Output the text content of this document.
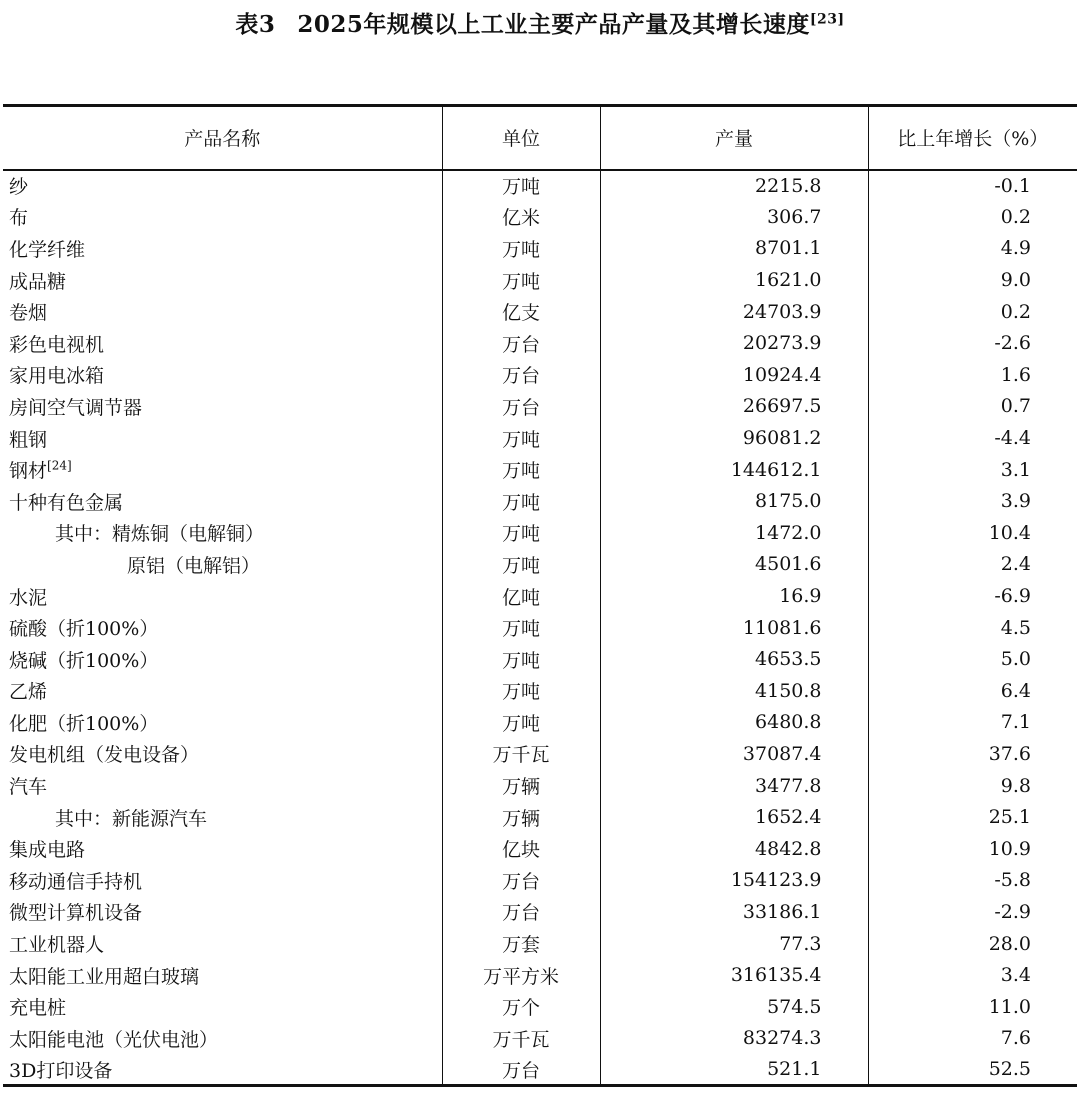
表3 2025年规模以上工业主要产品产量及其增长速度[23]
产品名称	单位	产量	比上年增长（%）
纱	万吨	2215.8	-0.1
布	亿米	306.7	0.2
化学纤维	万吨	8701.1	4.9
成品糖	万吨	1621.0	9.0
卷烟	亿支	24703.9	0.2
彩色电视机	万台	20273.9	-2.6
家用电冰箱	万台	10924.4	1.6
房间空气调节器	万台	26697.5	0.7
粗钢	万吨	96081.2	-4.4
钢材[24]	万吨	144612.1	3.1
十种有色金属	万吨	8175.0	3.9
其中：精炼铜（电解铜）	万吨	1472.0	10.4
原铝（电解铝）	万吨	4501.6	2.4
水泥	亿吨	16.9	-6.9
硫酸（折100%）	万吨	11081.6	4.5
烧碱（折100%）	万吨	4653.5	5.0
乙烯	万吨	4150.8	6.4
化肥（折100%）	万吨	6480.8	7.1
发电机组（发电设备）	万千瓦	37087.4	37.6
汽车	万辆	3477.8	9.8
其中：新能源汽车	万辆	1652.4	25.1
集成电路	亿块	4842.8	10.9
移动通信手持机	万台	154123.9	-5.8
微型计算机设备	万台	33186.1	-2.9
工业机器人	万套	77.3	28.0
太阳能工业用超白玻璃	万平方米	316135.4	3.4
充电桩	万个	574.5	11.0
太阳能电池（光伏电池）	万千瓦	83274.3	7.6
3D打印设备	万台	521.1	52.5
